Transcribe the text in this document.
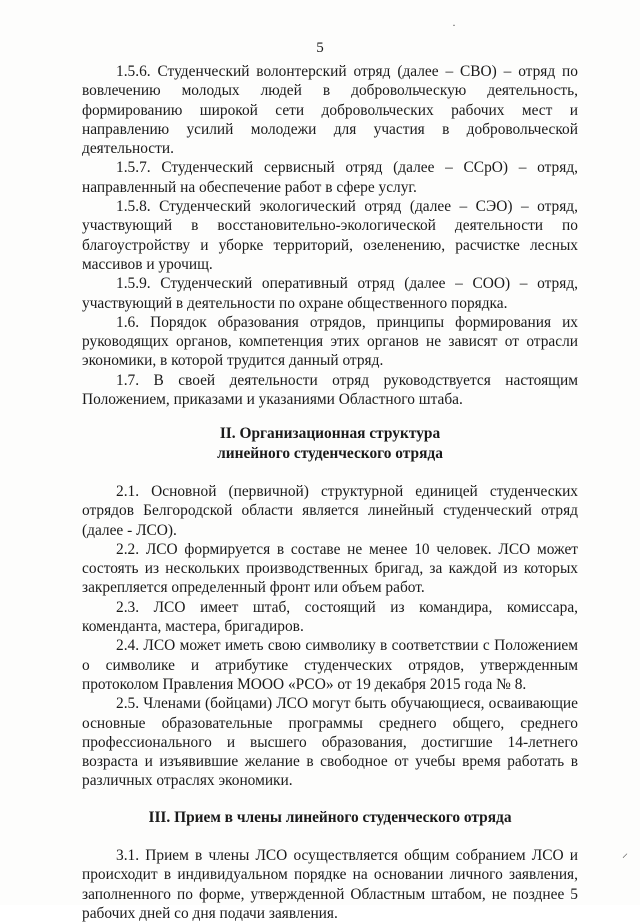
5

1.5.6. Студенческий волонтерский отряд (далее – СВО) – отряд по вовлечению молодых людей в добровольческую деятельность, формированию широкой сети добровольческих рабочих мест и направлению усилий молодежи для участия в добровольческой деятельности.

1.5.7. Студенческий сервисный отряд (далее – ССрО) – отряд, направленный на обеспечение работ в сфере услуг.

1.5.8. Студенческий экологический отряд (далее – СЭО) – отряд, участвующий в восстановительно-экологической деятельности по благоустройству и уборке территорий, озеленению, расчистке лесных массивов и урочищ.

1.5.9. Студенческий оперативный отряд (далее – СОО) – отряд, участвующий в деятельности по охране общественного порядка.

1.6. Порядок образования отрядов, принципы формирования их руководящих органов, компетенция этих органов не зависят от отрасли экономики, в которой трудится данный отряд.

1.7. В своей деятельности отряд руководствуется настоящим Положением, приказами и указаниями Областного штаба.

II. Организационная структура
линейного студенческого отряда

2.1. Основной (первичной) структурной единицей студенческих отрядов Белгородской области является линейный студенческий отряд (далее - ЛСО).

2.2. ЛСО формируется в составе не менее 10 человек. ЛСО может состоять из нескольких производственных бригад, за каждой из которых закрепляется определенный фронт или объем работ.

2.3. ЛСО имеет штаб, состоящий из командира, комиссара, коменданта, мастера, бригадиров.

2.4. ЛСО может иметь свою символику в соответствии с Положением о символике и атрибутике студенческих отрядов, утвержденным протоколом Правления МООО «РСО» от 19 декабря 2015 года № 8.

2.5. Членами (бойцами) ЛСО могут быть обучающиеся, осваивающие основные образовательные программы среднего общего, среднего профессионального и высшего образования, достигшие 14-летнего возраста и изъявившие желание в свободное от учебы время работать в различных отраслях экономики.

III. Прием в члены линейного студенческого отряда

3.1. Прием в члены ЛСО осуществляется общим собранием ЛСО и происходит в индивидуальном порядке на основании личного заявления, заполненного по форме, утвержденной Областным штабом, не позднее 5 рабочих дней со дня подачи заявления.

·
⸝
